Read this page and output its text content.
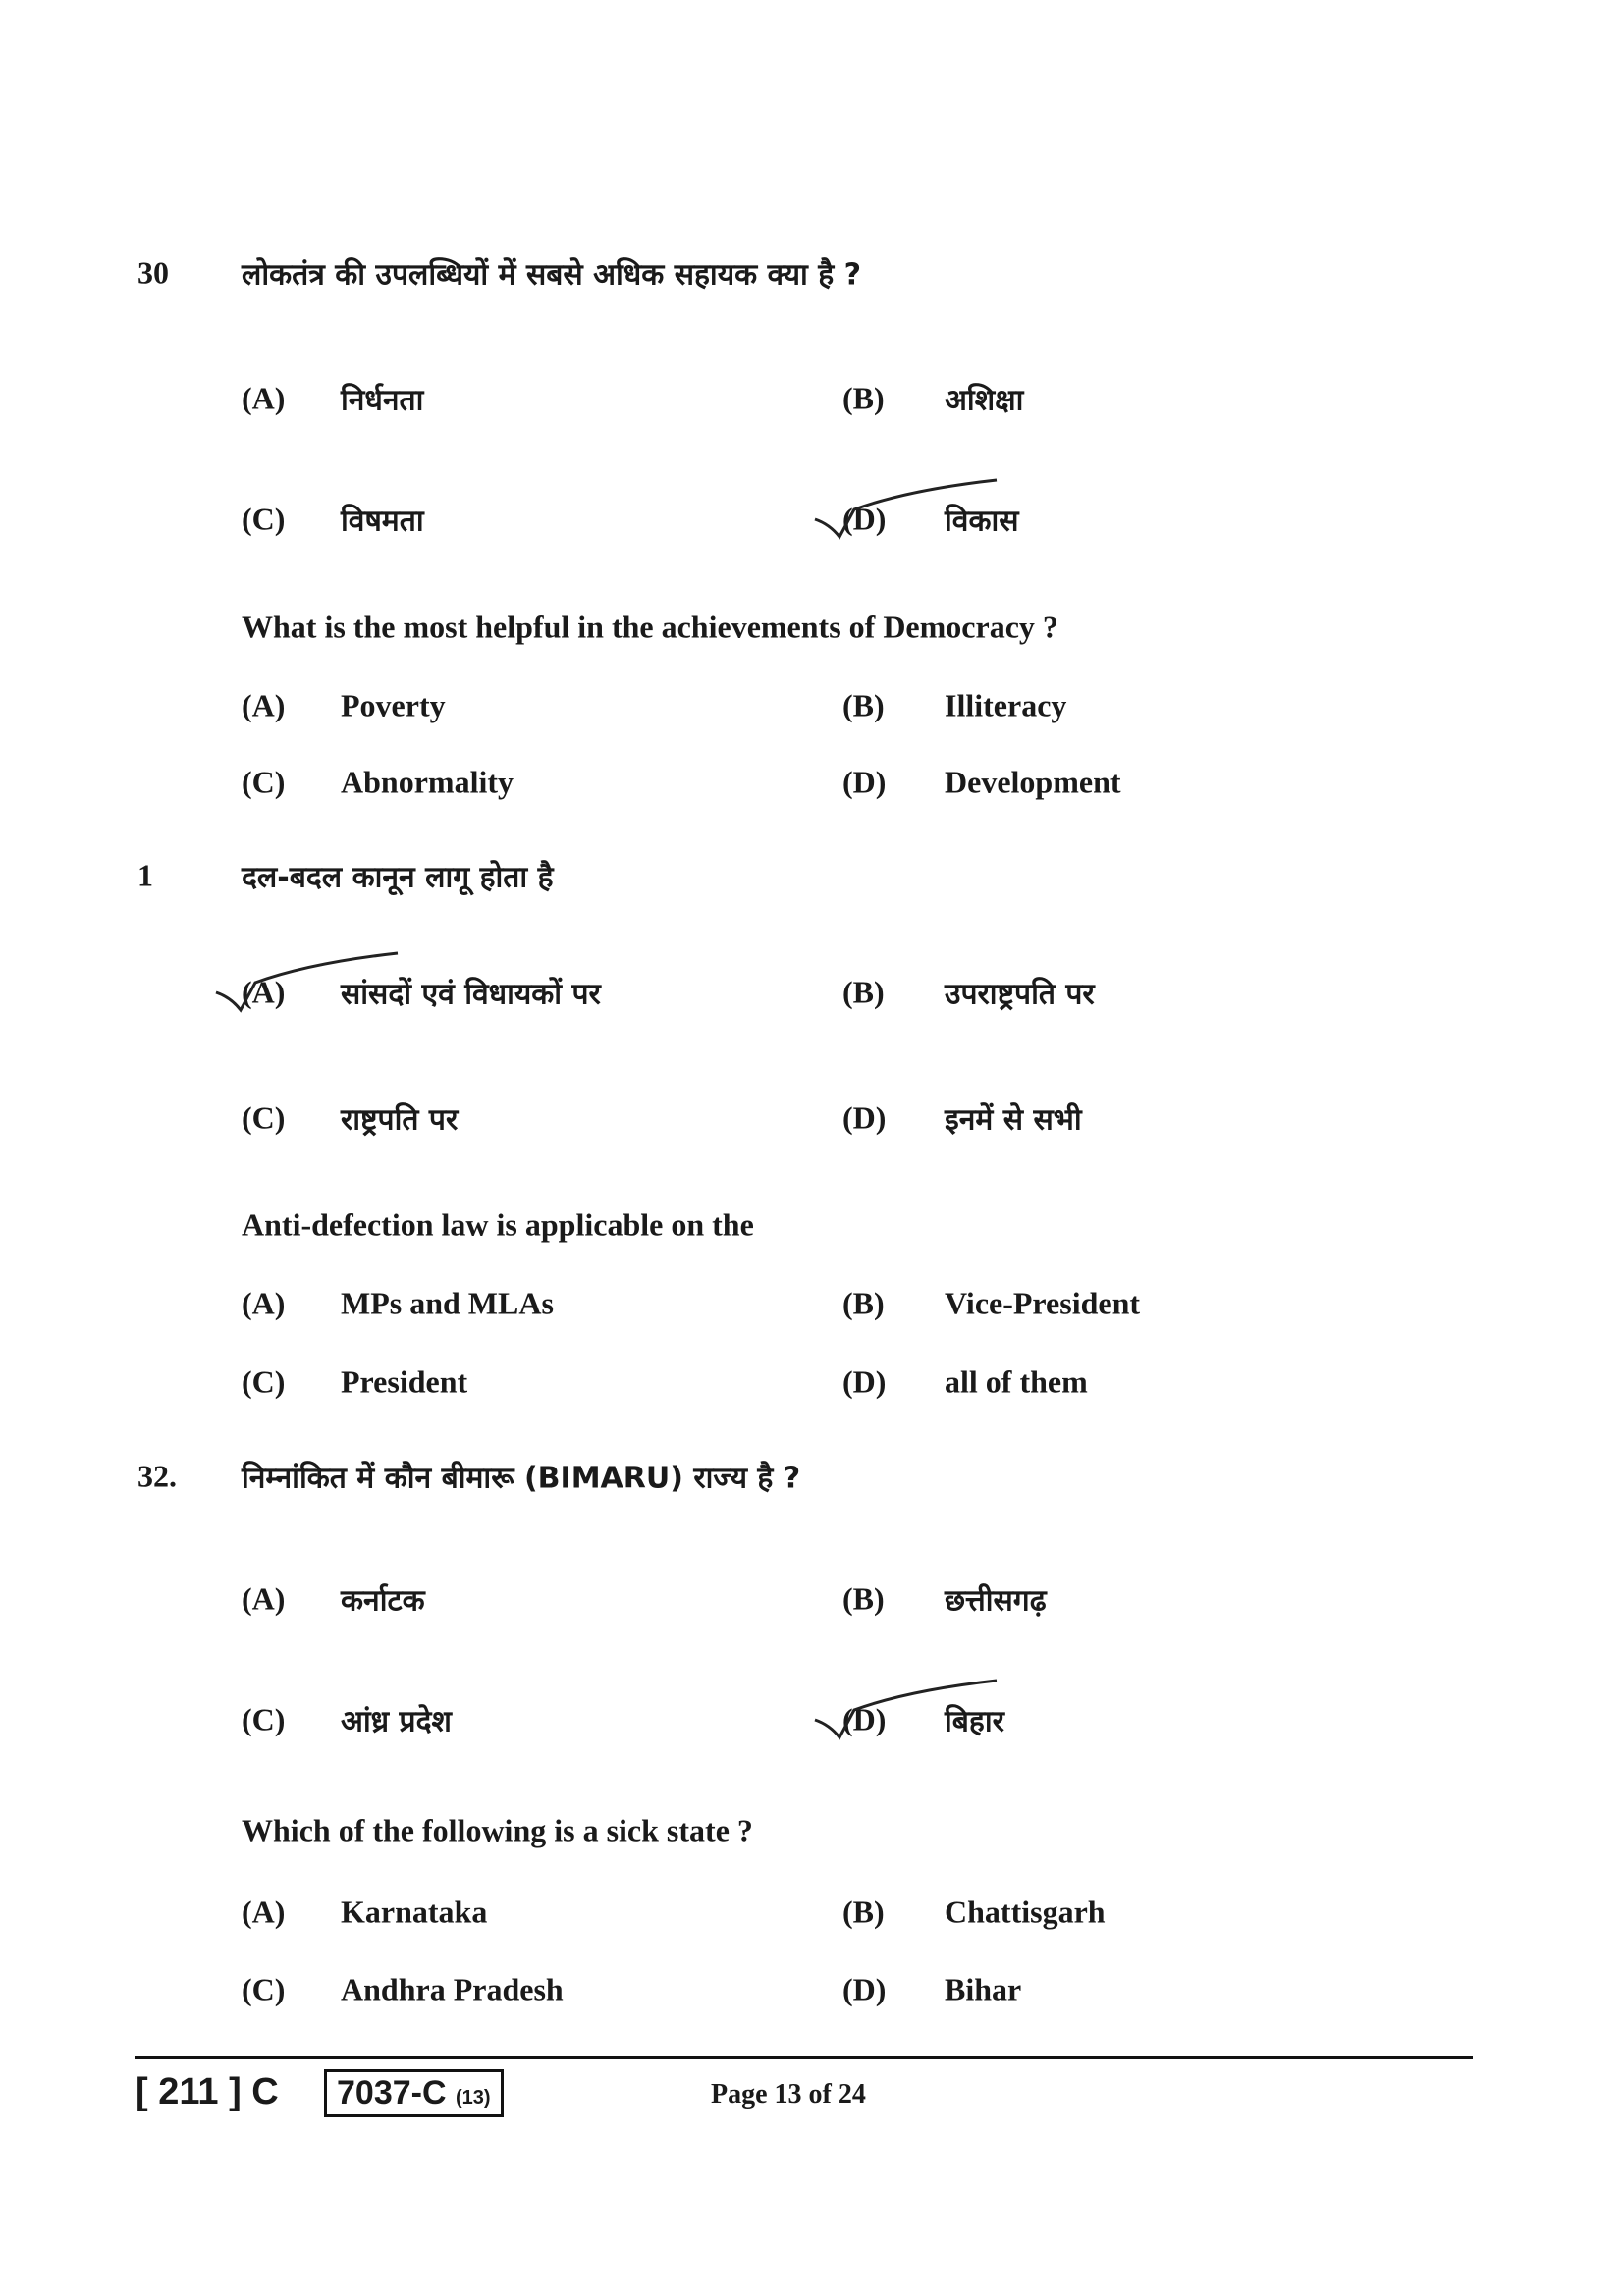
[ 211 ] C	7037-C (13)	Page 13 of 24
30 लोकतंत्र की उपलब्धियों में सबसे अधिक सहायक क्या है ?
What is the most helpful in the achievements of Democracy ?
(A) निर्धनता	(B) अशिक्षा
(C) विषमता	(D) विकास
(A) Poverty	(B) Illiteracy
(C) Abnormality	(D) Development
1	दल-बदल कानून लागू होता है
Anti-defection law is applicable on the
(A) सांसदों एवं विधायकों पर	(B) उपराष्ट्रपति पर
(C) राष्ट्रपति पर	(D) इनमें से सभी
(A) MPs and MLAs	(B) Vice-President
(C) President	(D) all of them
32. निम्नांकित में कौन बीमारू (BIMARU) राज्य है ?
Which of the following is a sick state ?
(A) कर्नाटक	(B) छत्तीसगढ़
(C) आंध्र प्रदेश	(D) बिहार
(A) Karnataka	(B) Chattisgarh
(C) Andhra Pradesh	(D) Bihar
